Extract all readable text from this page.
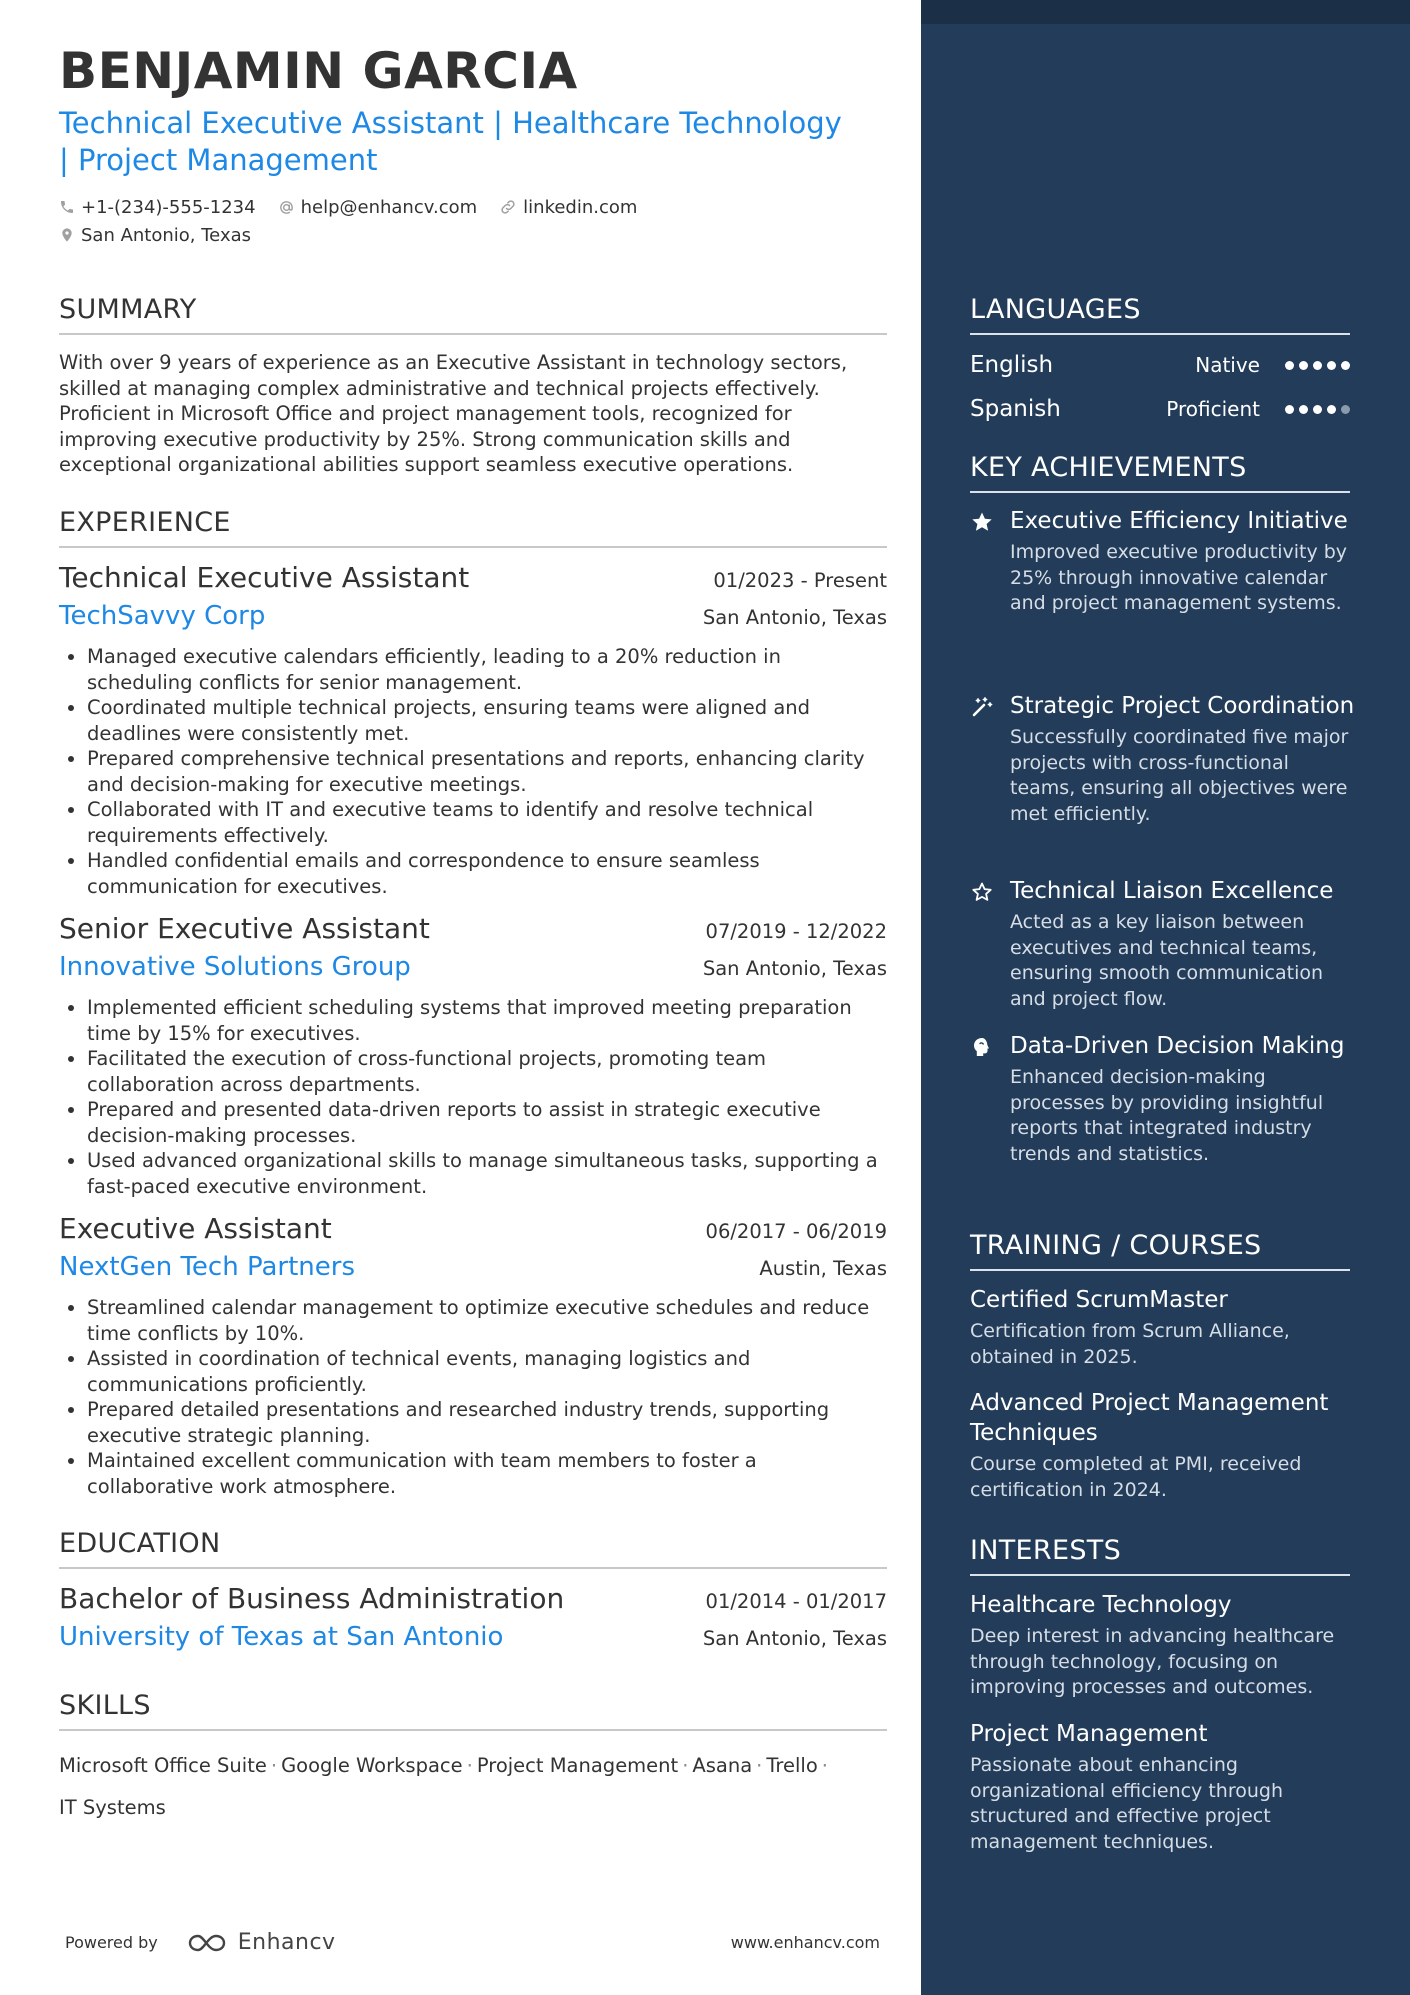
BENJAMIN GARCIA
Technical Executive Assistant | Healthcare Technology | Project Management
+1-(234)-555-1234	help@enhancv.com	linkedin.com
San Antonio, Texas
SUMMARY

With over 9 years of experience as an Executive Assistant in technology sectors, skilled at managing complex administrative and technical projects effectively. Proficient in Microsoft Office and project management tools, recognized for improving executive productivity by 25%. Strong communication skills and exceptional organizational abilities support seamless executive operations.

EXPERIENCE
Technical Executive Assistant	01/2023 - Present
TechSavvy Corp	San Antonio, Texas
• Managed executive calendars efficiently, leading to a 20% reduction in scheduling conflicts for senior management.
• Coordinated multiple technical projects, ensuring teams were aligned and deadlines were consistently met.
• Prepared comprehensive technical presentations and reports, enhancing clarity and decision-making for executive meetings.
• Collaborated with IT and executive teams to identify and resolve technical requirements effectively.
• Handled confidential emails and correspondence to ensure seamless communication for executives.
Senior Executive Assistant	07/2019 - 12/2022
Innovative Solutions Group	San Antonio, Texas
• Implemented efficient scheduling systems that improved meeting preparation time by 15% for executives.
• Facilitated the execution of cross-functional projects, promoting team collaboration across departments.
• Prepared and presented data-driven reports to assist in strategic executive decision-making processes.
• Used advanced organizational skills to manage simultaneous tasks, supporting a fast-paced executive environment.
Executive Assistant	06/2017 - 06/2019
NextGen Tech Partners	Austin, Texas
• Streamlined calendar management to optimize executive schedules and reduce time conflicts by 10%.
• Assisted in coordination of technical events, managing logistics and communications proficiently.
• Prepared detailed presentations and researched industry trends, supporting executive strategic planning.
• Maintained excellent communication with team members to foster a collaborative work atmosphere.
EDUCATION
Bachelor of Business Administration	01/2014 - 01/2017
University of Texas at San Antonio	San Antonio, Texas
SKILLS
Microsoft Office Suite · Google Workspace · Project Management · Asana · Trello ·
IT Systems
Powered by	Enhancv	www.enhancv.com
LANGUAGES
English	Native
Spanish	Proficient
KEY ACHIEVEMENTS

Executive Efficiency Initiative

Improved executive productivity by 25% through innovative calendar and project management systems.

Strategic Project Coordination

Successfully coordinated five major projects with cross-functional teams, ensuring all objectives were met efficiently.

Technical Liaison Excellence

Acted as a key liaison between executives and technical teams, ensuring smooth communication and project flow.

Data-Driven Decision Making

Enhanced decision-making processes by providing insightful reports that integrated industry trends and statistics.

TRAINING / COURSES

Certified ScrumMaster

Certification from Scrum Alliance, obtained in 2025.

Advanced Project Management Techniques

Course completed at PMI, received certification in 2024.

INTERESTS

Healthcare Technology

Deep interest in advancing healthcare through technology, focusing on improving processes and outcomes.

Project Management

Passionate about enhancing organizational efficiency through structured and effective project management techniques.
